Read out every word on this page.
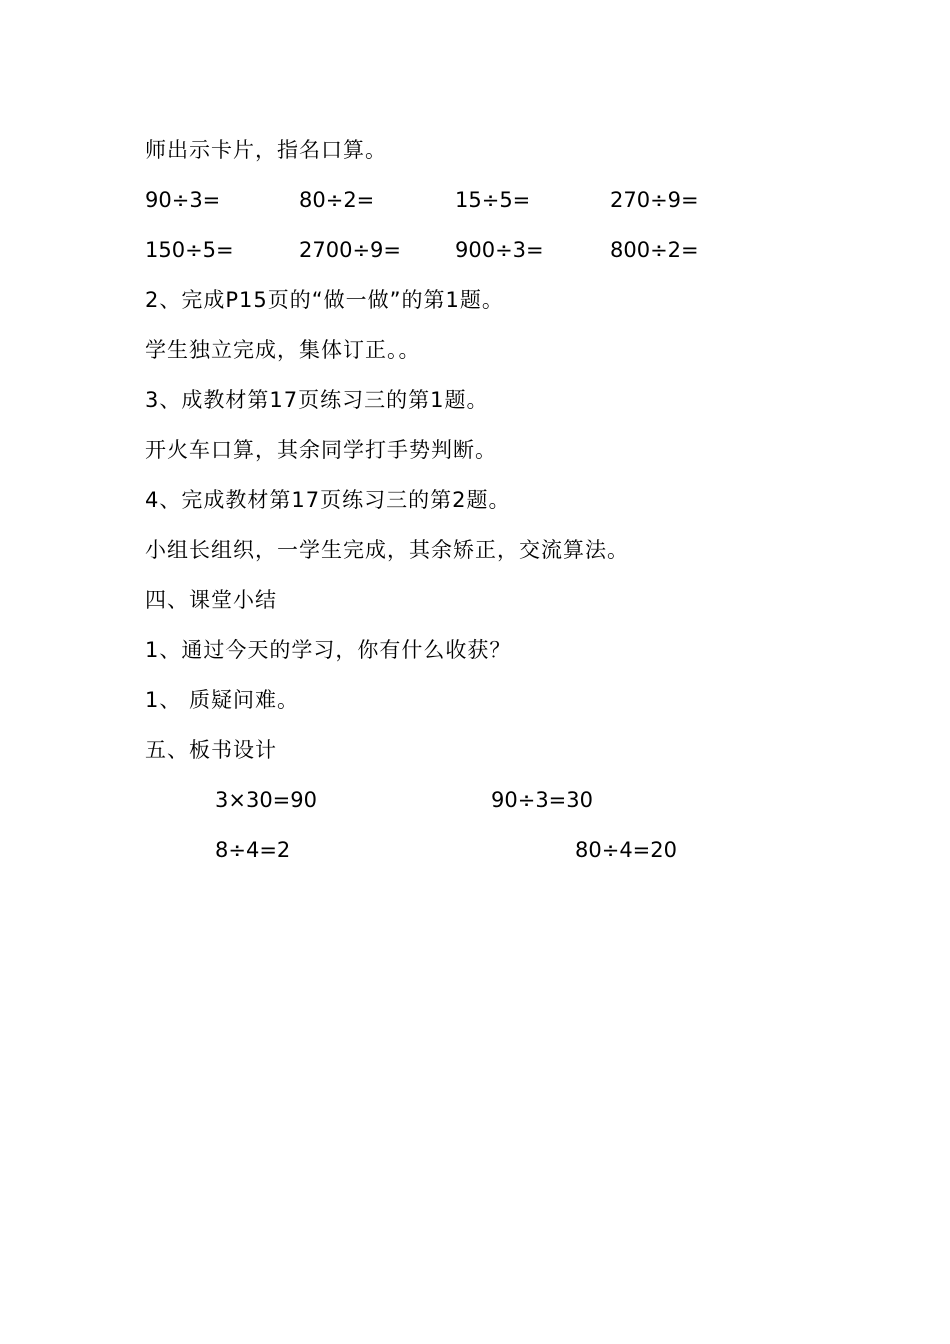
师出示卡片，指名口算。
90÷3=	80÷2=	15÷5=	270÷9=
150÷5=	2700÷9=	900÷3=	800÷2=
2、完成P15页的“做一做”的第1题。
学生独立完成，集体订正。。
3、成教材第17页练习三的第1题。
开火车口算，其余同学打手势判断。
4、完成教材第17页练习三的第2题。
小组长组织，一学生完成，其余矫正，交流算法。
四、课堂小结
1、通过今天的学习，你有什么收获？
1、 质疑问难。
五、板书设计
3×30=90	90÷3=30
8÷4=2	80÷4=20
